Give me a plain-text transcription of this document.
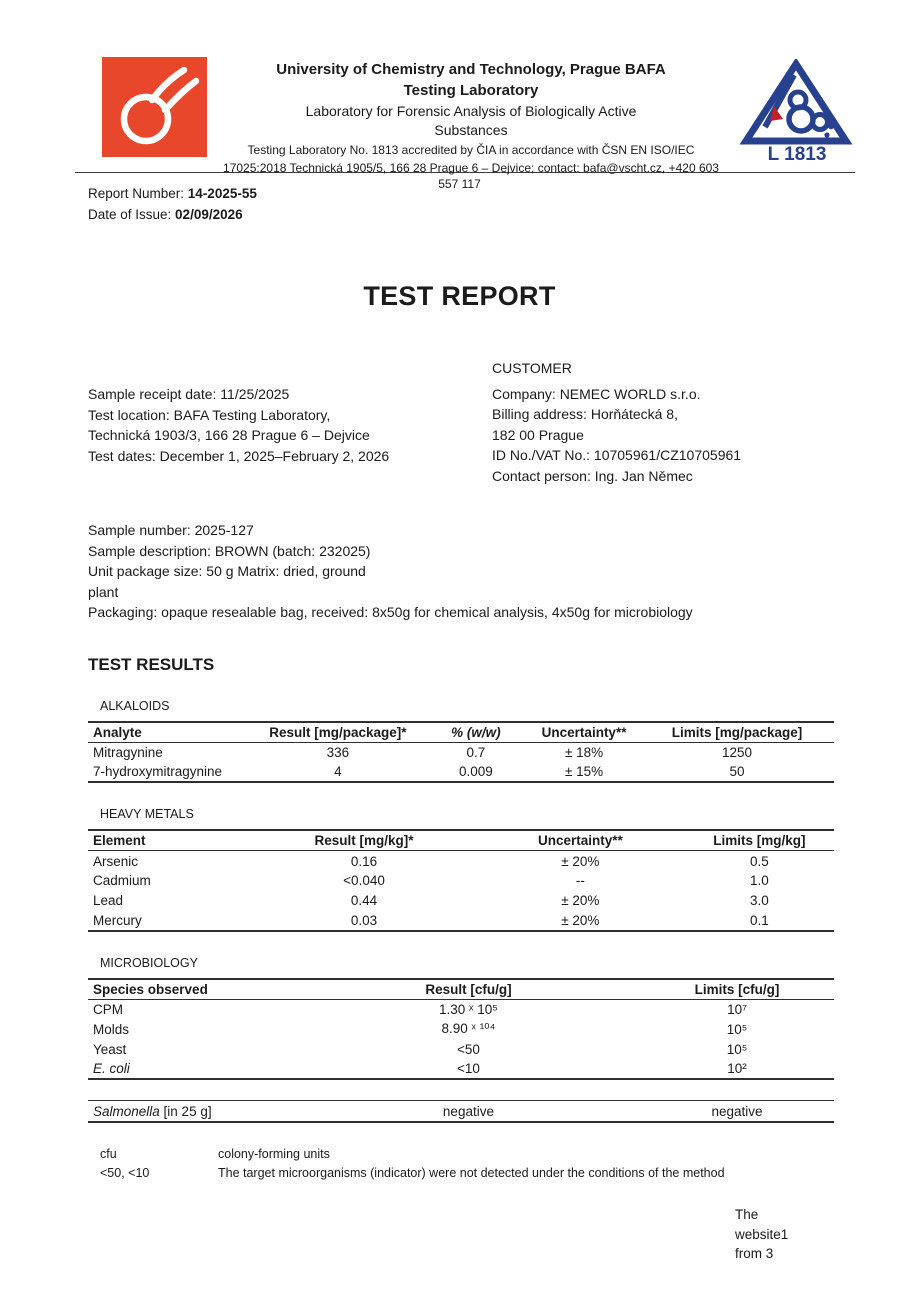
University of Chemistry and Technology, Prague BAFA
Testing Laboratory
Laboratory for Forensic Analysis of Biologically Active
Substances
Testing Laboratory No. 1813 accredited by ČIA in accordance with ČSN EN ISO/IEC
17025:2018 Technická 1905/5, 166 28 Prague 6 – Dejvice; contact: bafa@vscht.cz, +420 603
L 1813
557 117
Report Number: 14-2025-55
Date of Issue: 02/09/2026
TEST REPORT
Sample receipt date: 11/25/2025
Test location: BAFA Testing Laboratory,
Technická 1903/3, 166 28 Prague 6 – Dejvice
Test dates: December 1, 2025–February 2, 2026
CUSTOMER
Company: NEMEC WORLD s.r.o.
Billing address: Horňátecká 8,
182 00 Prague
ID No./VAT No.: 10705961/CZ10705961
Contact person: Ing. Jan Němec
Sample number: 2025-127
Sample description: BROWN (batch: 232025)
Unit package size: 50 g Matrix: dried, ground
plant
Packaging: opaque resealable bag, received: 8x50g for chemical analysis, 4x50g for microbiology
TEST RESULTS
ALKALOIDS
Analyte	Result [mg/package]*	% (w/w)	Uncertainty**	Limits [mg/package]
Mitragynine	336	0.7	± 18%	1250
7-hydroxymitragynine	4	0.009	± 15%	50
HEAVY METALS
Element	Result [mg/kg]*	Uncertainty**	Limits [mg/kg]
Arsenic	0.16	± 20%	0.5
Cadmium	<0.040	--	1.0
Lead	0.44	± 20%	3.0
Mercury	0.03	± 20%	0.1
MICROBIOLOGY
Species observed	Result [cfu/g]	Limits [cfu/g]
CPM	1.30 ˣ 10⁵	10⁷
Molds	8.90 ˣ ¹⁰⁴	10⁵
Yeast	<50	10⁵
E. coli	<10	10²
Salmonella [in 25 g]	negative	negative
cfu	colony-forming units
<50, <10	The target microorganisms (indicator) were not detected under the conditions of the method
The
website1
from 3
